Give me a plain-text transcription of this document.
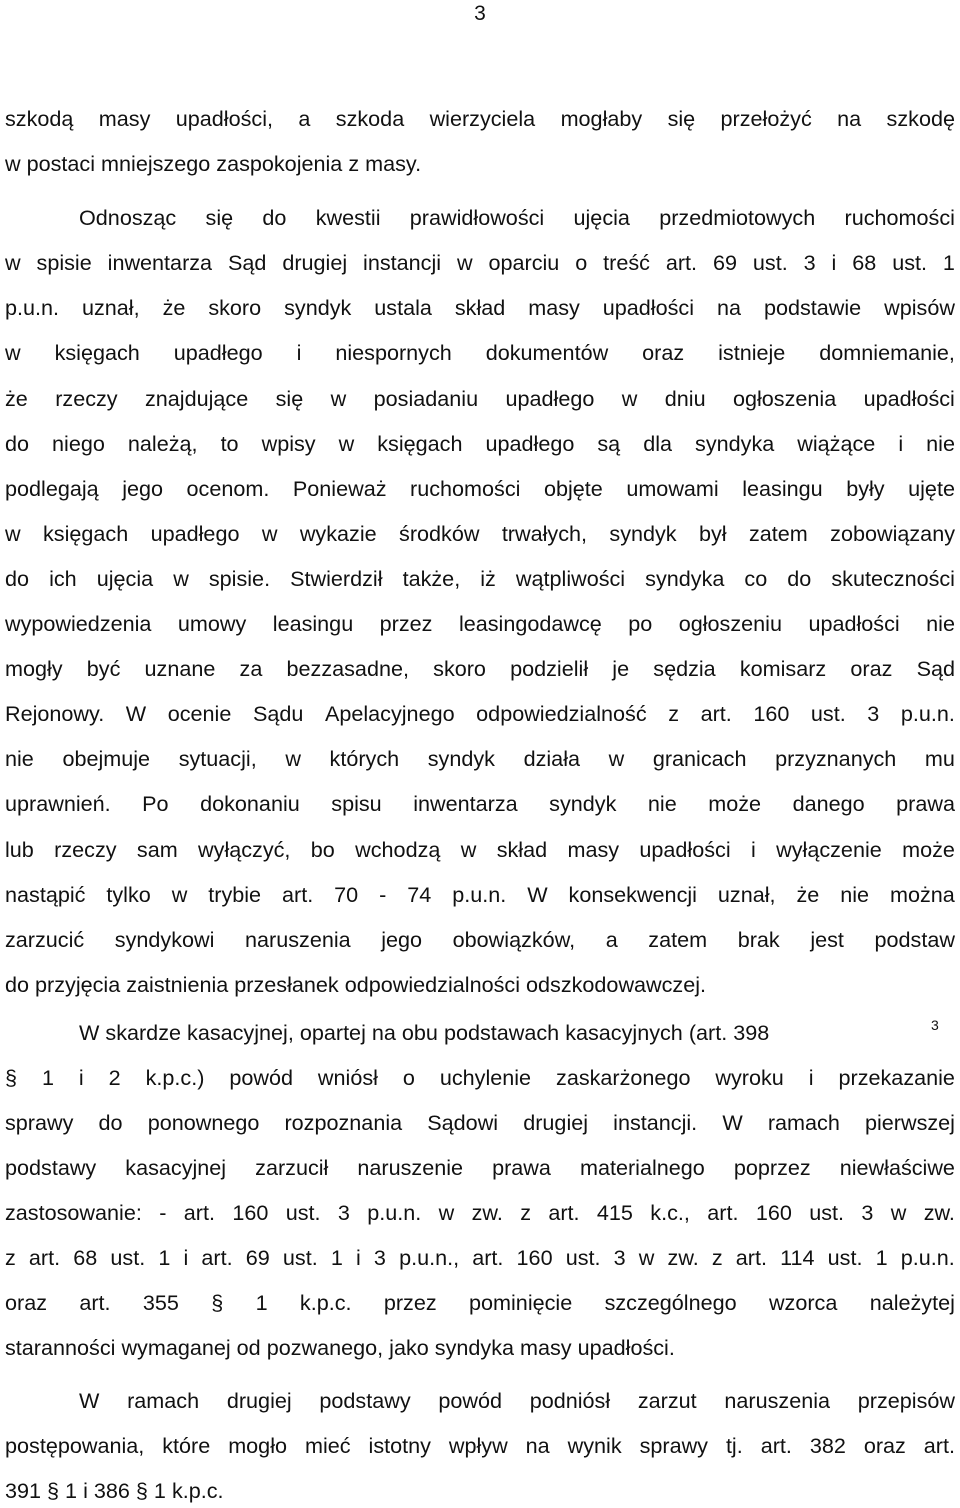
3
szkodą masy upadłości, a szkoda wierzyciela mogłaby się przełożyć na szkodę
w postaci mniejszego zaspokojenia z masy.
Odnosząc się do kwestii prawidłowości ujęcia przedmiotowych ruchomości
w spisie inwentarza Sąd drugiej instancji w oparciu o treść art. 69 ust. 3 i 68 ust. 1
p.u.n. uznał, że skoro syndyk ustala skład masy upadłości na podstawie wpisów
w księgach upadłego i niespornych dokumentów oraz istnieje domniemanie,
że rzeczy znajdujące się w posiadaniu upadłego w dniu ogłoszenia upadłości
do niego należą, to wpisy w księgach upadłego są dla syndyka wiążące i nie
podlegają jego ocenom. Ponieważ ruchomości objęte umowami leasingu były ujęte
w księgach upadłego w wykazie środków trwałych, syndyk był zatem zobowiązany
do ich ujęcia w spisie. Stwierdził także, iż wątpliwości syndyka co do skuteczności
wypowiedzenia umowy leasingu przez leasingodawcę po ogłoszeniu upadłości nie
mogły być uznane za bezzasadne, skoro podzielił je sędzia komisarz oraz Sąd
Rejonowy. W ocenie Sądu Apelacyjnego odpowiedzialność z art. 160 ust. 3 p.u.n.
nie obejmuje sytuacji, w których syndyk działa w granicach przyznanych mu
uprawnień. Po dokonaniu spisu inwentarza syndyk nie może danego prawa
lub rzeczy sam wyłączyć, bo wchodzą w skład masy upadłości i wyłączenie może
nastąpić tylko w trybie art. 70 - 74 p.u.n. W konsekwencji uznał, że nie można
zarzucić syndykowi naruszenia jego obowiązków, a zatem brak jest podstaw
do przyjęcia zaistnienia przesłanek odpowiedzialności odszkodowawczej.
W skardze kasacyjnej, opartej na obu podstawach kasacyjnych (art. 398
§ 1 i 2 k.p.c.) powód wniósł o uchylenie zaskarżonego wyroku i przekazanie
sprawy do ponownego rozpoznania Sądowi drugiej instancji. W ramach pierwszej
podstawy kasacyjnej zarzucił naruszenie prawa materialnego poprzez niewłaściwe
zastosowanie: - art. 160 ust. 3 p.u.n. w zw. z art. 415 k.c., art. 160 ust. 3 w zw.
z art. 68 ust. 1 i art. 69 ust. 1 i 3 p.u.n., art. 160 ust. 3 w zw. z art. 114 ust. 1 p.u.n.
oraz art. 355 § 1 k.p.c. przez pominięcie szczególnego wzorca należytej
staranności wymaganej od pozwanego, jako syndyka masy upadłości.
W ramach drugiej podstawy powód podniósł zarzut naruszenia przepisów
postępowania, które mogło mieć istotny wpływ na wynik sprawy tj. art. 382 oraz art.
391 § 1 i 386 § 1 k.p.c.
3
